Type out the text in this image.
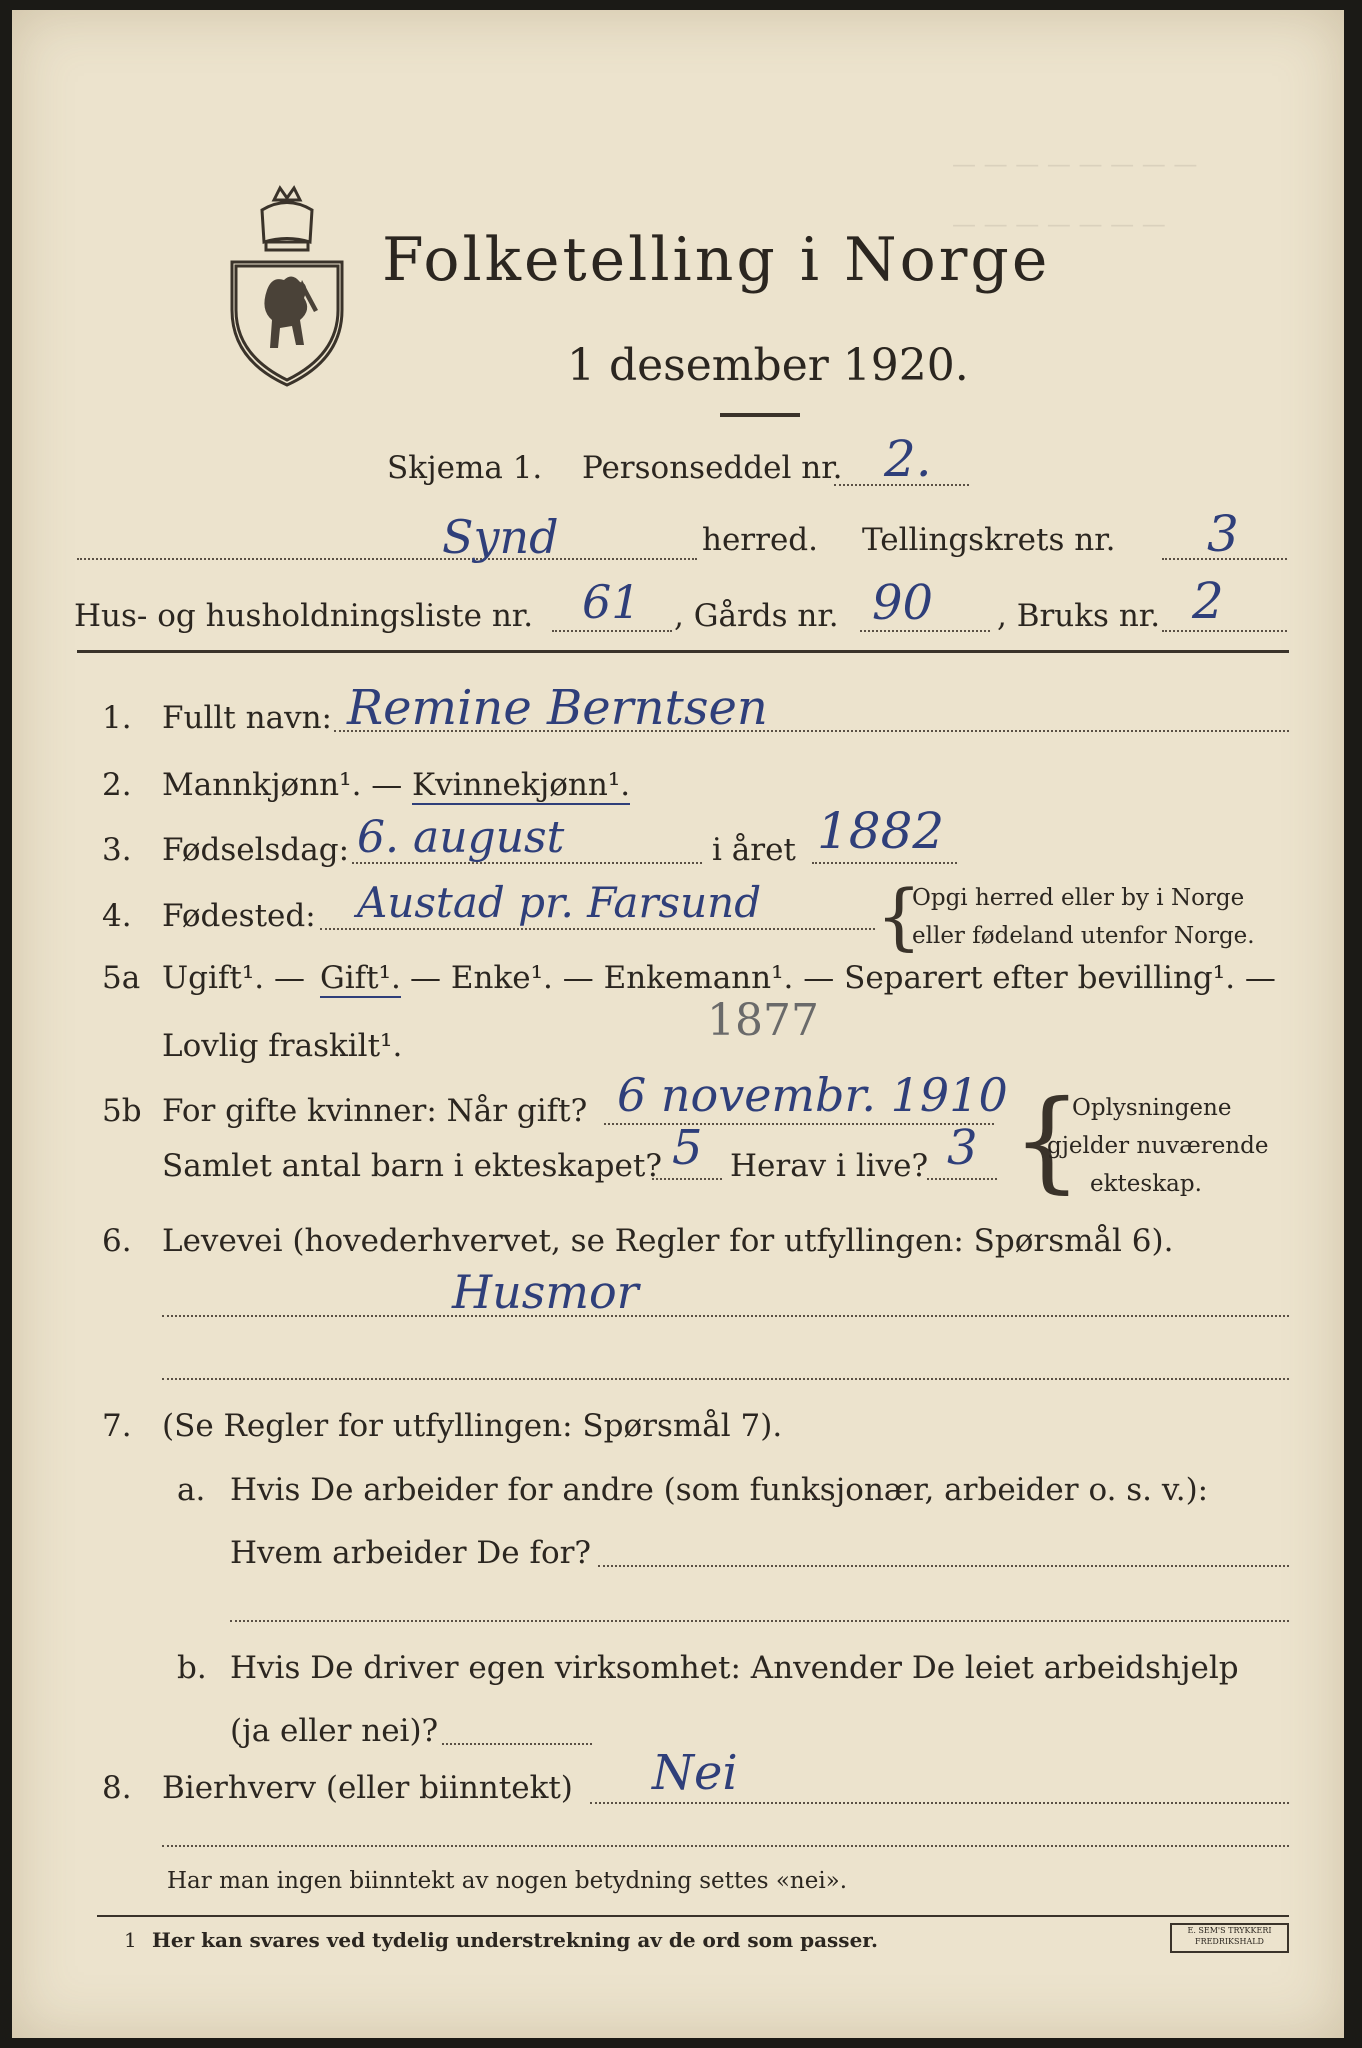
— — — — — — — —
— — — — — — —
Folketelling i Norge
1 desember 1920.
Skjema 1. Personseddel nr. 2.
Synd	herred. Tellingskrets nr. 3
Hus- og husholdningsliste nr. 61 , Gårds nr. 90 , Bruks nr. 2
1. Fullt navn: Remine Berntsen
2. Mannkjønn¹. — Kvinnekjønn¹.
3. Fødselsdag: 6. august	i året 1882
4. Fødested: Austad pr. Farsund {
Opgi herred eller by i Norge
eller fødeland utenfor Norge.
5a Ugift¹. — Gift¹. — Enke¹. — Enkemann¹. — Separert efter bevilling¹. —
Lovlig fraskilt¹.	1877
5b For gifte kvinner: Når gift? 6 novembr. 1910
Samlet antal barn i ekteskapet? 5 Herav i live? 3 {
Oplysningene
gjelder nuværende
ekteskap.
6. Levevei (hovederhvervet, se Regler for utfyllingen: Spørsmål 6).
Husmor
7. (Se Regler for utfyllingen: Spørsmål 7).
a. Hvis De arbeider for andre (som funksjonær, arbeider o. s. v.):
Hvem arbeider De for?
b. Hvis De driver egen virksomhet: Anvender De leiet arbeidshjelp
(ja eller nei)?
8. Bierhverv (eller biinntekt) Nei
Har man ingen biinntekt av nogen betydning settes «nei».
1 Her kan svares ved tydelig understrekning av de ord som passer.	E. SEM'S TRYKKERI FREDRIKSHALD
